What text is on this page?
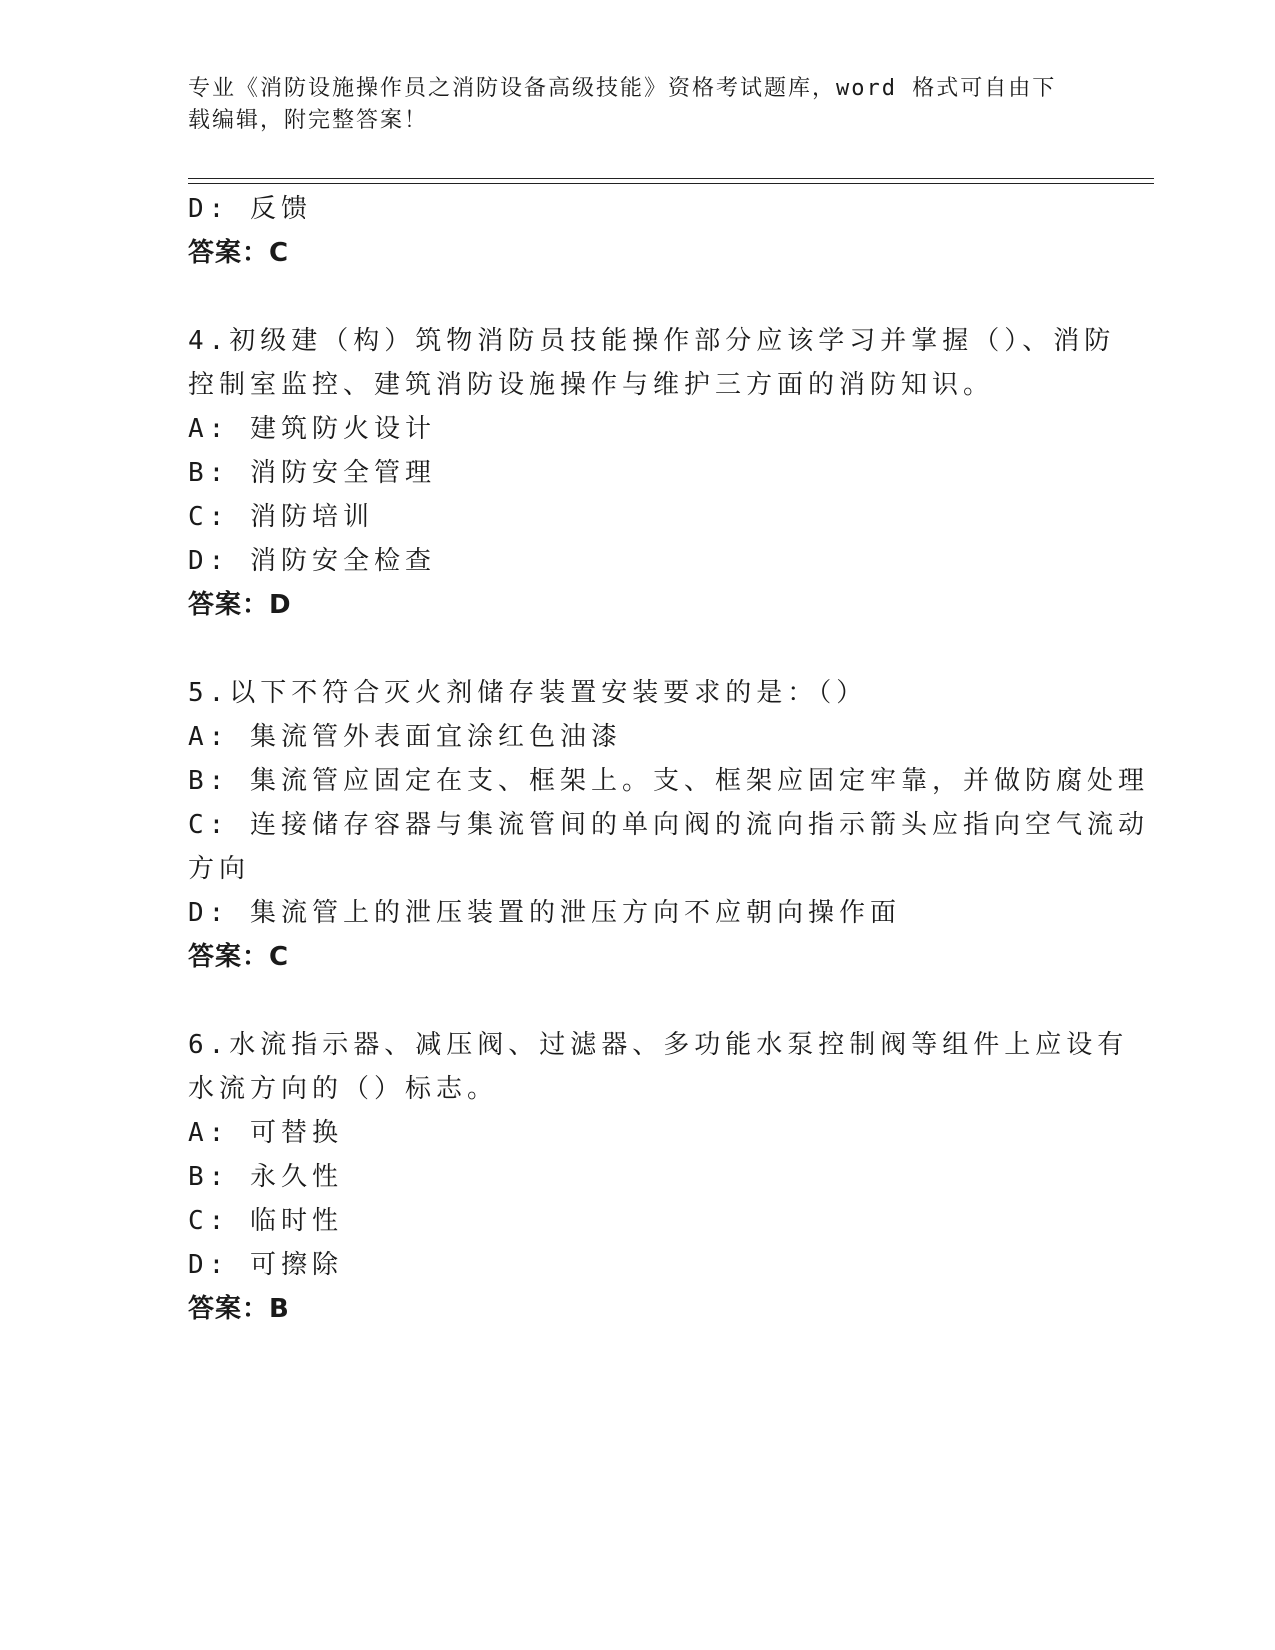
专业《消防设施操作员之消防设备高级技能》资格考试题库，word 格式可自由下
载编辑，附完整答案！
D: 反馈
答案：C
4.初级建（构）筑物消防员技能操作部分应该学习并掌握（）、消防
控制室监控、建筑消防设施操作与维护三方面的消防知识。
A: 建筑防火设计
B: 消防安全管理
C: 消防培训
D: 消防安全检查
答案：D
5.以下不符合灭火剂储存装置安装要求的是：（）
A: 集流管外表面宜涂红色油漆
B: 集流管应固定在支、框架上。支、框架应固定牢靠，并做防腐处理
C: 连接储存容器与集流管间的单向阀的流向指示箭头应指向空气流动
方向
D: 集流管上的泄压装置的泄压方向不应朝向操作面
答案：C
6.水流指示器、减压阀、过滤器、多功能水泵控制阀等组件上应设有
水流方向的（）标志。
A: 可替换
B: 永久性
C: 临时性
D: 可擦除
答案：B
